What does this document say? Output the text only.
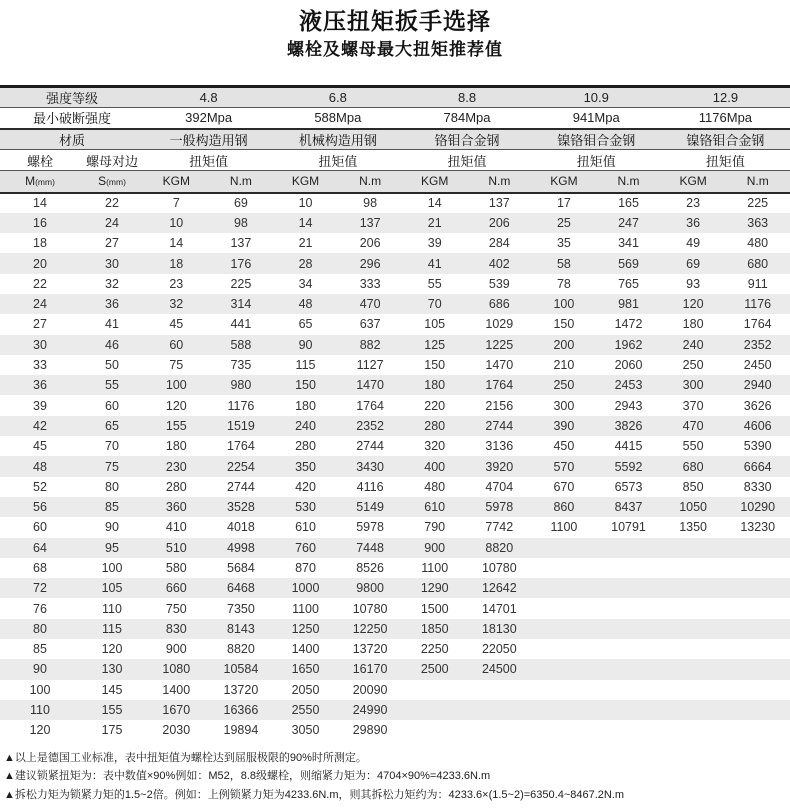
液压扭矩扳手选择
螺栓及螺母最大扭矩推荐值
强度等级		4.8		6.8		8.8		10.9		12.9	
最小破断强度		392Mpa		588Mpa		784Mpa		941Mpa		1176Mpa	
材质		一般构造用钢		机械构造用钢		铬钼合金钢		镍铬钼合金钢		镍铬钼合金钢	
螺栓	螺母对边	扭矩值		扭矩值		扭矩值		扭矩值		扭矩值	
M(mm)	S(mm)	KGM	N.m	KGM	N.m	KGM	N.m	KGM	N.m	KGM	N.m
14	22	7	69	10	98	14	137	17	165	23	225
16	24	10	98	14	137	21	206	25	247	36	363
18	27	14	137	21	206	39	284	35	341	49	480
20	30	18	176	28	296	41	402	58	569	69	680
22	32	23	225	34	333	55	539	78	765	93	911
24	36	32	314	48	470	70	686	100	981	120	1176
27	41	45	441	65	637	105	1029	150	1472	180	1764
30	46	60	588	90	882	125	1225	200	1962	240	2352
33	50	75	735	115	1127	150	1470	210	2060	250	2450
36	55	100	980	150	1470	180	1764	250	2453	300	2940
39	60	120	1176	180	1764	220	2156	300	2943	370	3626
42	65	155	1519	240	2352	280	2744	390	3826	470	4606
45	70	180	1764	280	2744	320	3136	450	4415	550	5390
48	75	230	2254	350	3430	400	3920	570	5592	680	6664
52	80	280	2744	420	4116	480	4704	670	6573	850	8330
56	85	360	3528	530	5149	610	5978	860	8437	1050	10290
60	90	410	4018	610	5978	790	7742	1100	10791	1350	13230
64	95	510	4998	760	7448	900	8820				
68	100	580	5684	870	8526	1100	10780				
72	105	660	6468	1000	9800	1290	12642				
76	110	750	7350	1100	10780	1500	14701				
80	115	830	8143	1250	12250	1850	18130				
85	120	900	8820	1400	13720	2250	22050				
90	130	1080	10584	1650	16170	2500	24500				
100	145	1400	13720	2050	20090						
110	155	1670	16366	2550	24990						
120	175	2030	19894	3050	29890						
▲以上是德国工业标准，表中扭矩值为螺栓达到屈服极限的90%时所测定。
▲建议锁紧扭矩为：表中数值×90%例如：M52，8.8级螺栓，则缩紧力矩为：4704×90%=4233.6N.m
▲拆松力矩为锁紧力矩的1.5~2倍。例如：上例锁紧力矩为4233.6N.m，则其拆松力矩约为：4233.6×(1.5~2)=6350.4~8467.2N.m
